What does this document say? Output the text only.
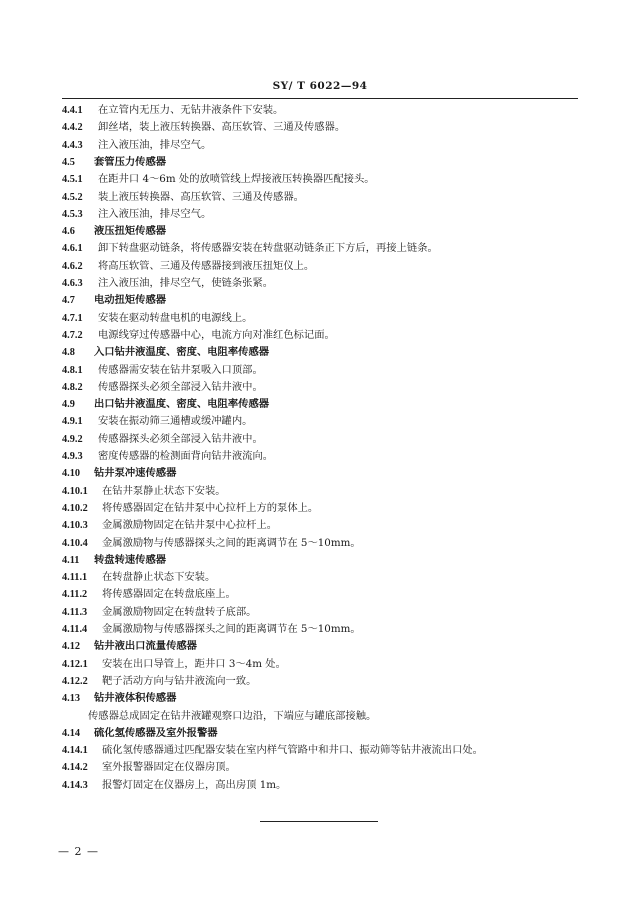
SY/ T 6022—94
4.4.1 在立管内无压力、无钻井液条件下安装。
4.4.2 卸丝堵，装上液压转换器、高压软管、三通及传感器。
4.4.3 注入液压油，排尽空气。
4.5 套管压力传感器
4.5.1 在距井口 4～6m 处的放喷管线上焊接液压转换器匹配接头。
4.5.2 装上液压转换器、高压软管、三通及传感器。
4.5.3 注入液压油，排尽空气。
4.6 液压扭矩传感器
4.6.1 卸下转盘驱动链条，将传感器安装在转盘驱动链条正下方后，再接上链条。
4.6.2 将高压软管、三通及传感器接到液压扭矩仪上。
4.6.3 注入液压油，排尽空气，使链条张紧。
4.7 电动扭矩传感器
4.7.1 安装在驱动转盘电机的电源线上。
4.7.2 电源线穿过传感器中心，电流方向对准红色标记面。
4.8 入口钻井液温度、密度、电阻率传感器
4.8.1 传感器需安装在钻井泵吸入口顶部。
4.8.2 传感器探头必须全部浸入钻井液中。
4.9 出口钻井液温度、密度、电阻率传感器
4.9.1 安装在振动筛三通槽或缓冲罐内。
4.9.2 传感器探头必须全部浸入钻井液中。
4.9.3 密度传感器的检测面背向钻井液流向。
4.10 钻井泵冲速传感器
4.10.1 在钻井泵静止状态下安装。
4.10.2 将传感器固定在钻井泵中心拉杆上方的泵体上。
4.10.3 金属激励物固定在钻井泵中心拉杆上。
4.10.4 金属激励物与传感器探头之间的距离调节在 5～10mm。
4.11 转盘转速传感器
4.11.1 在转盘静止状态下安装。
4.11.2 将传感器固定在转盘底座上。
4.11.3 金属激励物固定在转盘转子底部。
4.11.4 金属激励物与传感器探头之间的距离调节在 5～10mm。
4.12 钻井液出口流量传感器
4.12.1 安装在出口导管上，距井口 3～4m 处。
4.12.2 靶子活动方向与钻井液流向一致。
4.13 钻井液体积传感器
传感器总成固定在钻井液罐观察口边沿，下端应与罐底部接触。
4.14 硫化氢传感器及室外报警器
4.14.1 硫化氢传感器通过匹配器安装在室内样气管路中和井口、振动筛等钻井液流出口处。
4.14.2 室外报警器固定在仪器房顶。
4.14.3 报警灯固定在仪器房上，高出房顶 1m。
— 2 —
